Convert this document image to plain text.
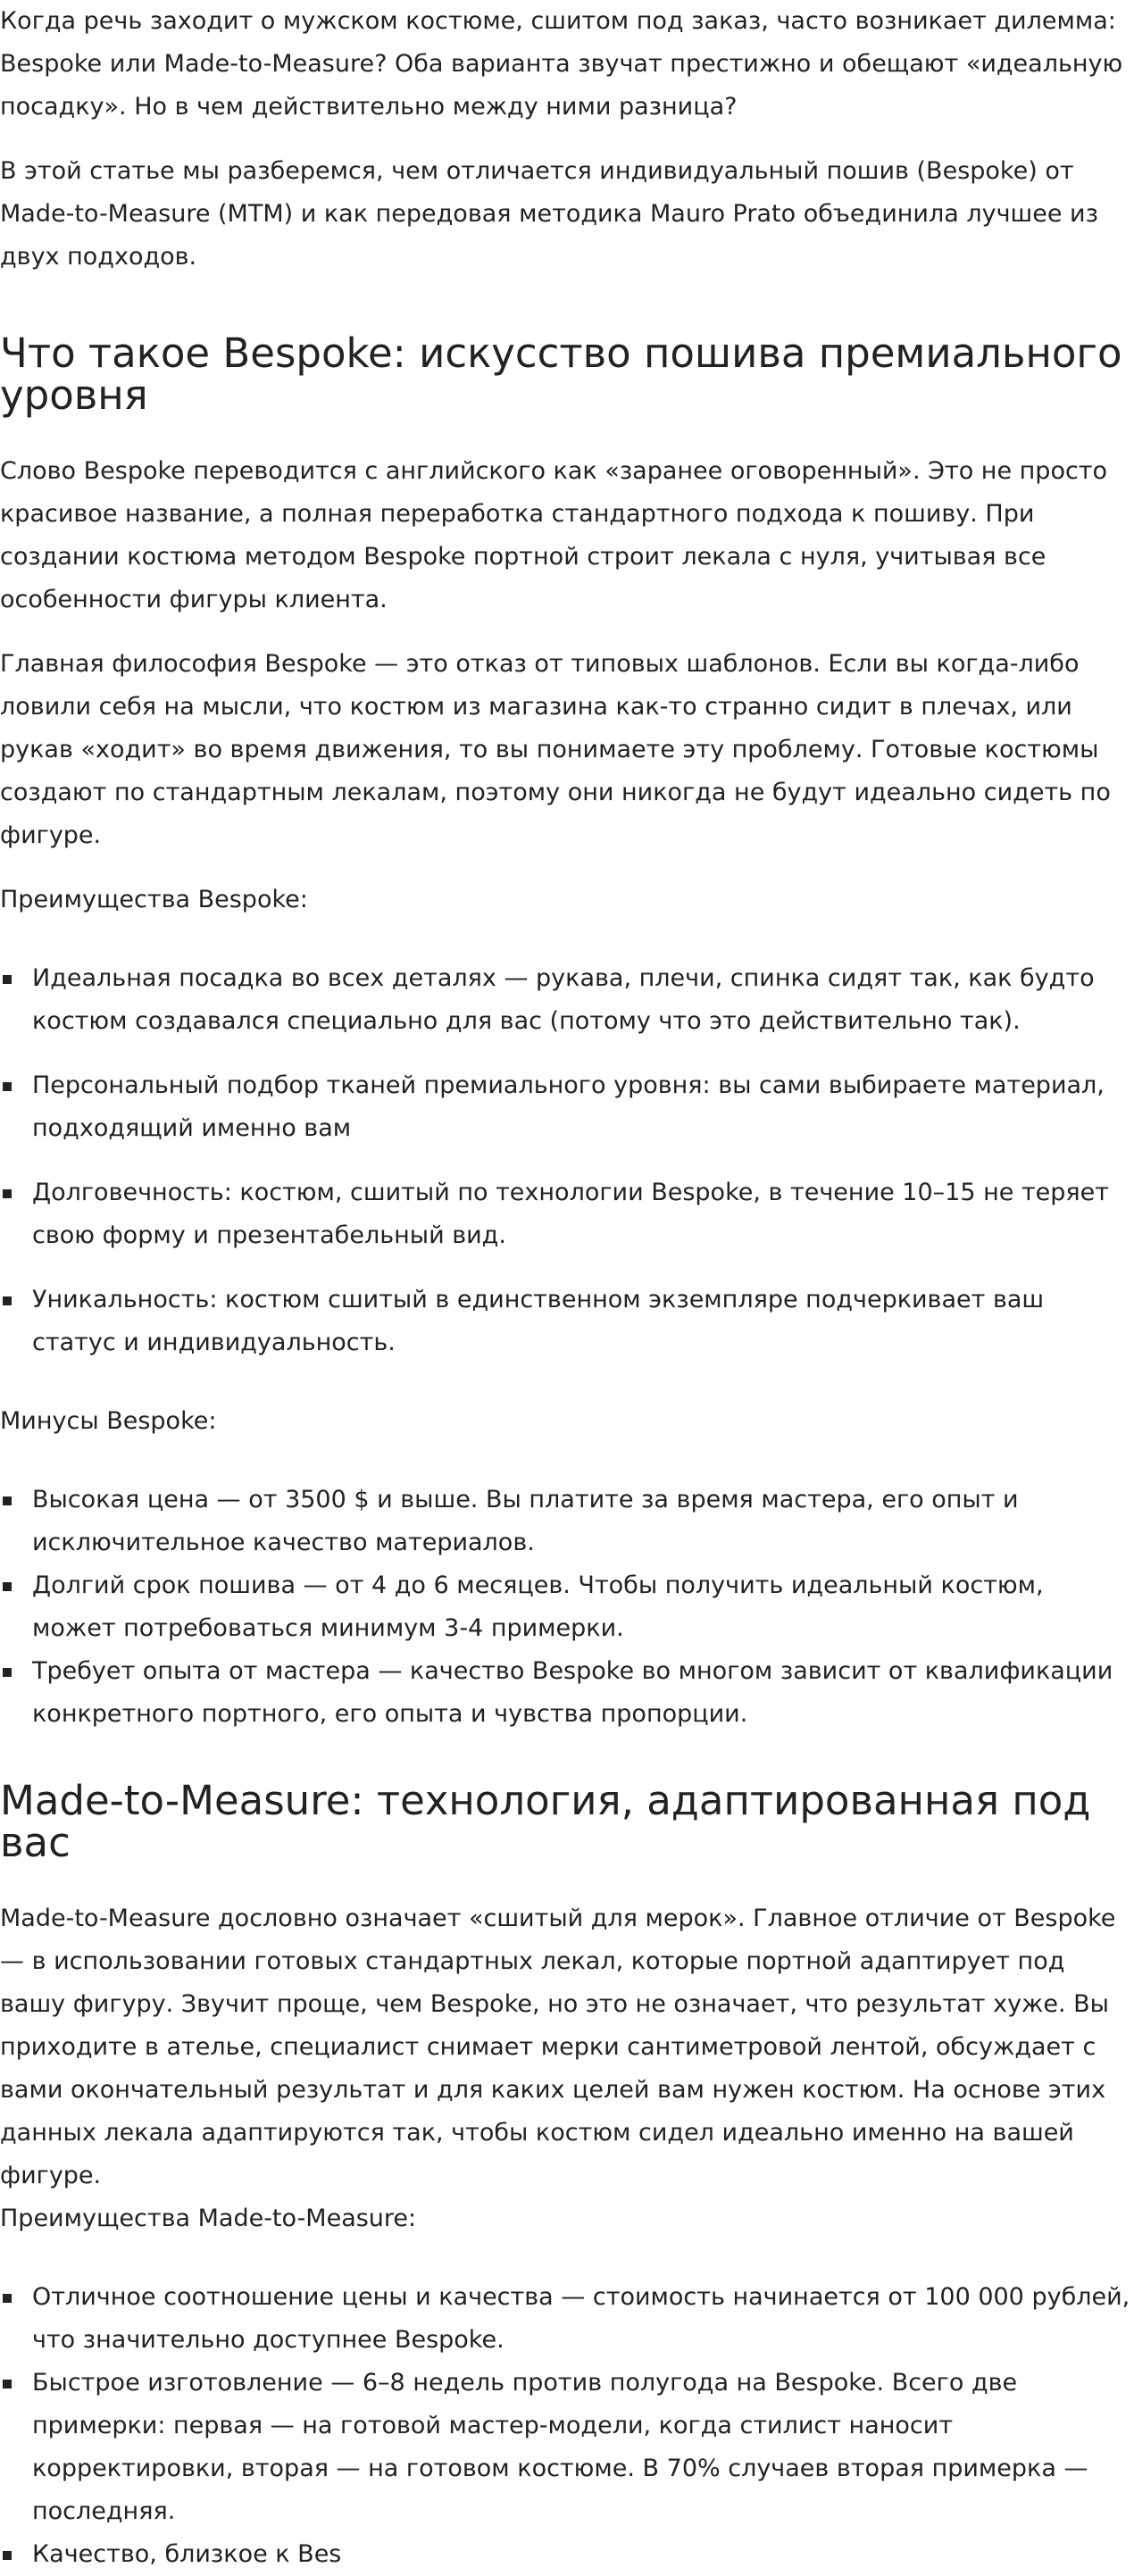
Когда речь заходит о мужском костюме, сшитом под заказ, часто возникает дилемма: Bespoke или Made-to-Measure? Оба варианта звучат престижно и обещают «идеальную посадку». Но в чем действительно между ними разница?

В этой статье мы разберемся, чем отличается индивидуальный пошив (Bespoke) от Made-to-Measure (MTM) и как передовая методика Mauro Prato объединила лучшее из двух подходов.

Что такое Bespoke: искусство пошива премиального уровня

Слово Bespoke переводится с английского как «заранее оговоренный». Это не просто красивое название, а полная переработка стандартного подхода к пошиву. При создании костюма методом Bespoke портной строит лекала с нуля, учитывая все особенности фигуры клиента.

Главная философия Bespoke — это отказ от типовых шаблонов. Если вы когда-либо ловили себя на мысли, что костюм из магазина как-то странно сидит в плечах, или рукав «ходит» во время движения, то вы понимаете эту проблему. Готовые костюмы создают по стандартным лекалам, поэтому они никогда не будут идеально сидеть по фигуре.

Преимущества Bespoke:

Идеальная посадка во всех деталях — рукава, плечи, спинка сидят так, как будто костюм создавался специально для вас (потому что это действительно так).
Персональный подбор тканей премиального уровня: вы сами выбираете материал, подходящий именно вам
Долговечность: костюм, сшитый по технологии Bespoke, в течение 10–15 не теряет свою форму и презентабельный вид.
Уникальность: костюм сшитый в единственном экземпляре подчеркивает ваш статус и индивидуальность.

Минусы Bespoke:

Высокая цена — от 3500 $ и выше. Вы платите за время мастера, его опыт и исключительное качество материалов.
Долгий срок пошива — от 4 до 6 месяцев. Чтобы получить идеальный костюм, может потребоваться минимум 3-4 примерки.
Требует опыта от мастера — качество Bespoke во многом зависит от квалификации конкретного портного, его опыта и чувства пропорции.
Made-to-Measure: технология, адаптированная под вас

Made-to-Measure дословно означает «сшитый для мерок». Главное отличие от Bespoke — в использовании готовых стандартных лекал, которые портной адаптирует под вашу фигуру. Звучит проще, чем Bespoke, но это не означает, что результат хуже. Вы приходите в ателье, специалист снимает мерки сантиметровой лентой, обсуждает с вами окончательный результат и для каких целей вам нужен костюм. На основе этих данных лекала адаптируются так, чтобы костюм сидел идеально именно на вашей фигуре.

Преимущества Made-to-Measure:

Отличное соотношение цены и качества — стоимость начинается от 100 000 рублей, что значительно доступнее Bespoke.
Быстрое изготовление — 6–8 недель против полугода на Bespoke. Всего две примерки: первая — на готовой мастер-модели, когда стилист наносит корректировки, вторая — на готовом костюме. В 70% случаев вторая примерка — последняя.
Качество, близкое к Bes
